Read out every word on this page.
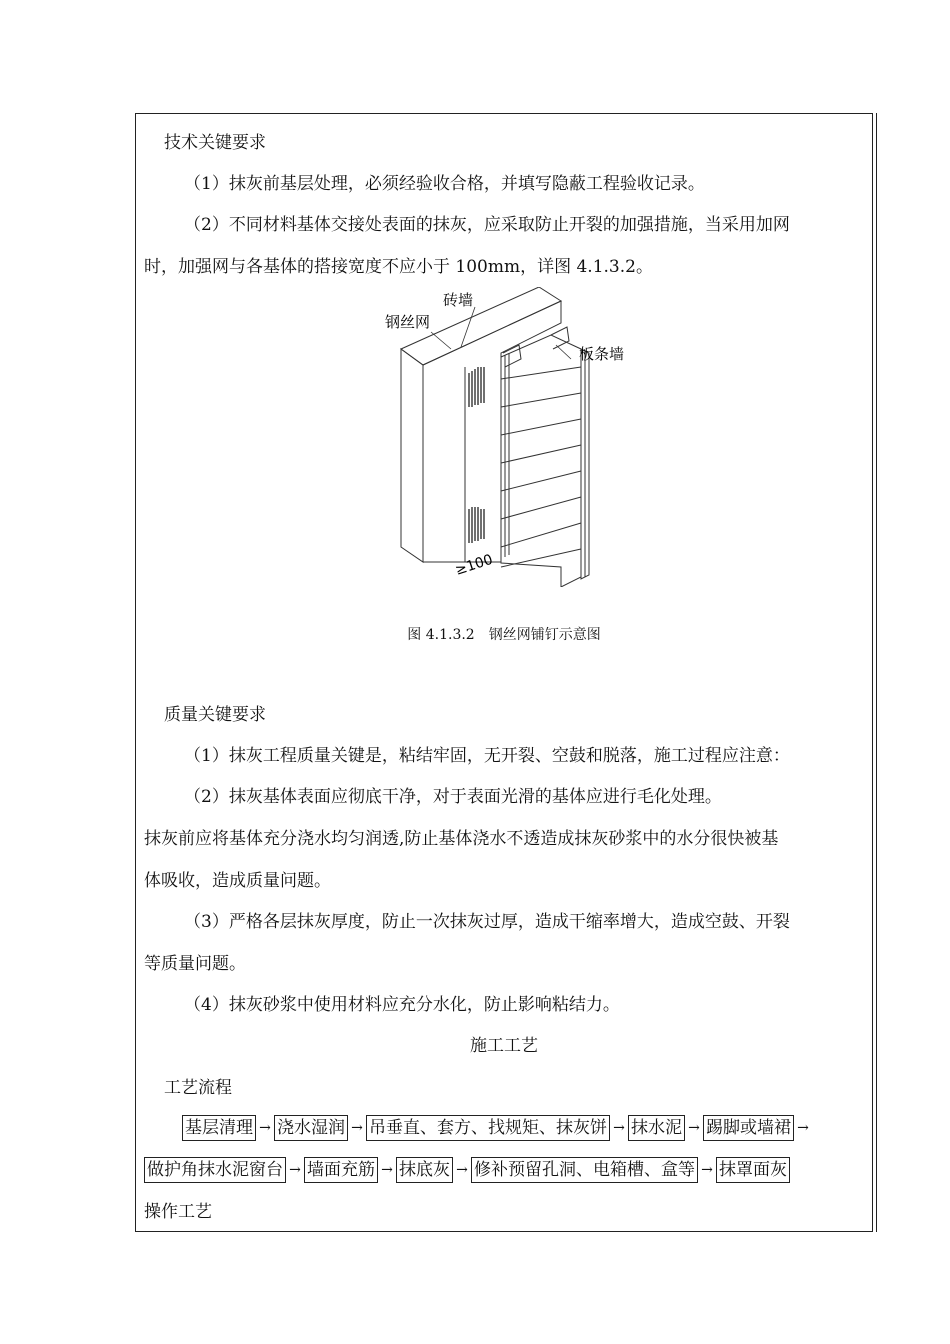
技术关键要求
（1）抹灰前基层处理，必须经验收合格，并填写隐蔽工程验收记录。
（2）不同材料基体交接处表面的抹灰，应采取防止开裂的加强措施，当采用加网
时，加强网与各基体的搭接宽度不应小于 100mm，详图 4.1.3.2。
砖墙
钢丝网
板条墙
≥100
图 4.1.3.2　钢丝网铺钉示意图
质量关键要求
（1）抹灰工程质量关键是，粘结牢固，无开裂、空鼓和脱落，施工过程应注意：
（2）抹灰基体表面应彻底干净，对于表面光滑的基体应进行毛化处理。
抹灰前应将基体充分浇水均匀润透,防止基体浇水不透造成抹灰砂浆中的水分很快被基
体吸收，造成质量问题。
（3）严格各层抹灰厚度，防止一次抹灰过厚，造成干缩率增大，造成空鼓、开裂
等质量问题。
（4）抹灰砂浆中使用材料应充分水化，防止影响粘结力。
施工工艺
工艺流程
基层清理 → 浇水湿润 → 吊垂直、套方、找规矩、抹灰饼 → 抹水泥 → 踢脚或墙裙 →
做护角抹水泥窗台 → 墙面充筋 → 抹底灰 → 修补预留孔洞、电箱槽、盒等 → 抹罩面灰
操作工艺
